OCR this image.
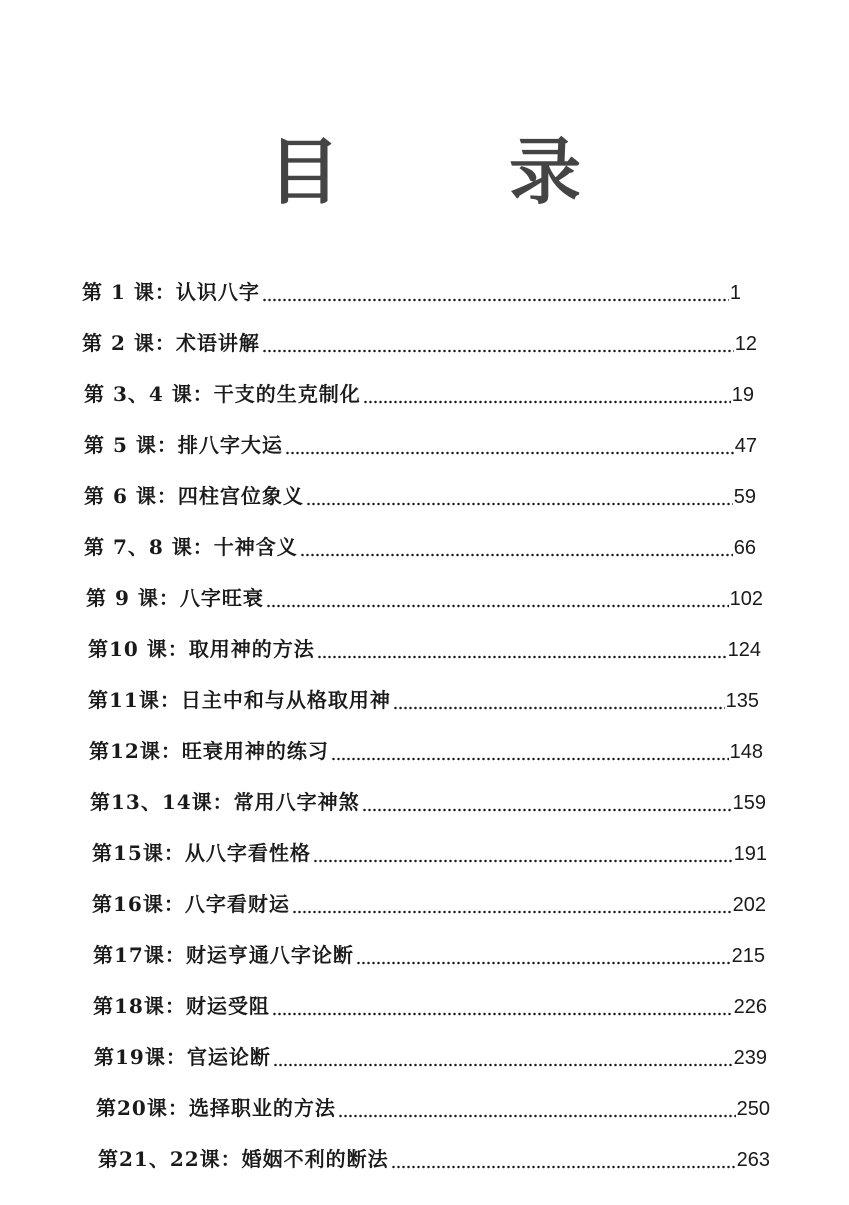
目 录
第 1 课：认识八字	1
第 2 课：术语讲解	12
第 3、4 课：干支的生克制化	19
第 5 课：排八字大运	47
第 6 课：四柱宫位象义	59
第 7、8 课：十神含义	66
第 9 课：八字旺衰	102
第10 课：取用神的方法	124
第11课：日主中和与从格取用神	135
第12课：旺衰用神的练习	148
第13、14课：常用八字神煞	159
第15课：从八字看性格	191
第16课：八字看财运	202
第17课：财运亨通八字论断	215
第18课：财运受阻	226
第19课：官运论断	239
第20课：选择职业的方法	250
第21、22课：婚姻不利的断法	263
